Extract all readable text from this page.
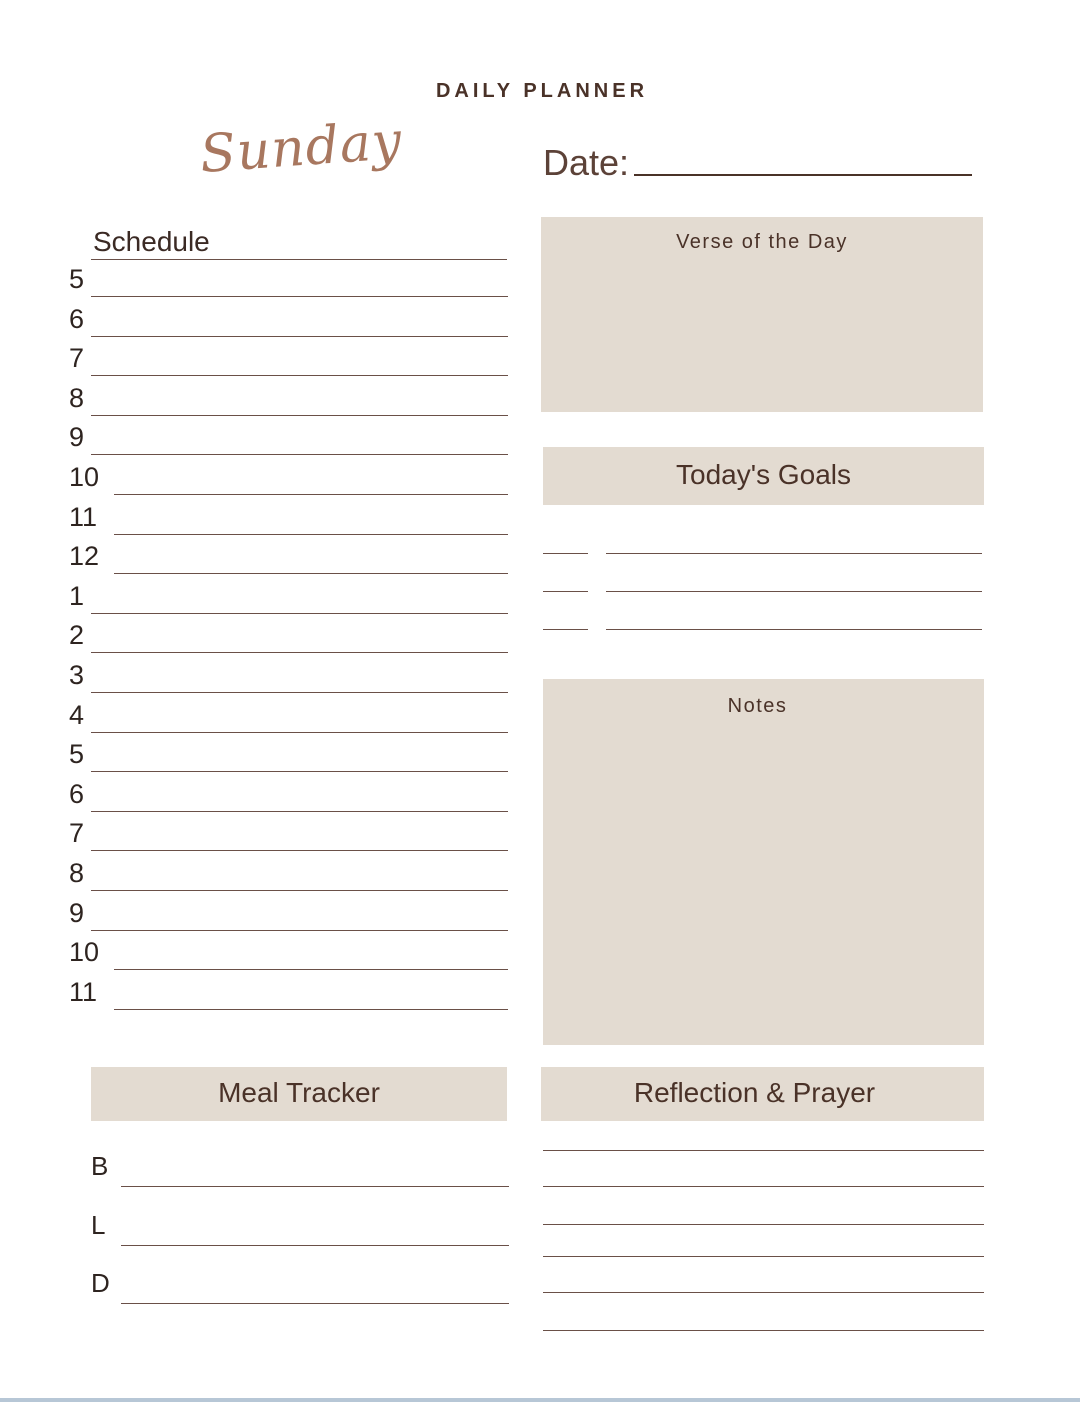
DAILY PLANNER
Sunday	Date:
Schedule
5
6
7
8
9
10
11
12
1
2
3
4
5
6
7
8
9
10
11
Verse of the Day
Today's Goals
Notes
Meal Tracker
B
L
D
Reflection & Prayer
